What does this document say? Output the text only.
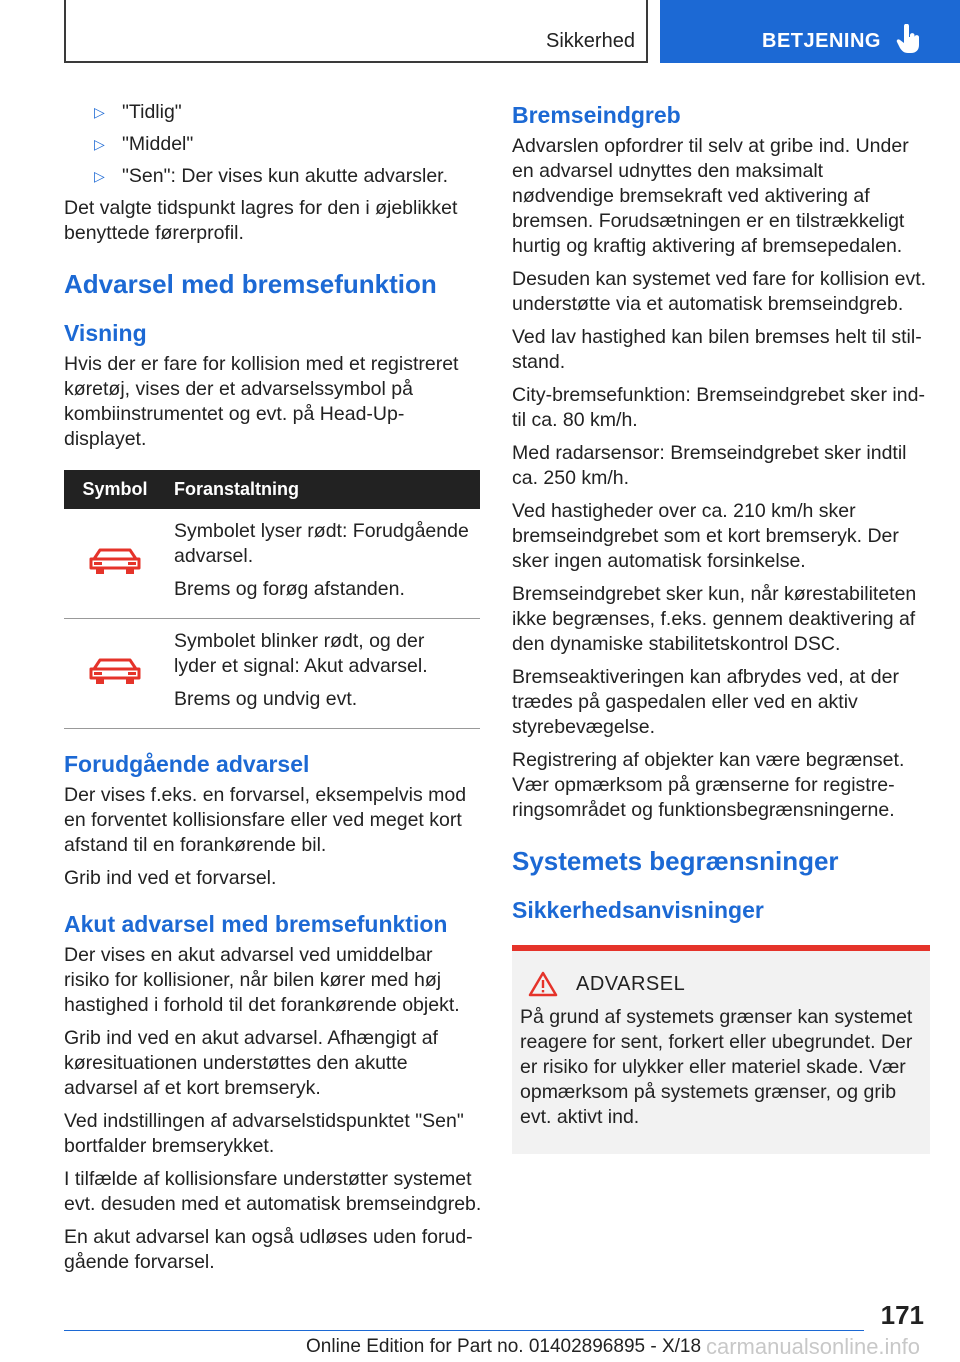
Sikkerhed	BETJENING
▷ "Tidlig"
▷ "Middel"
▷ "Sen": Der vises kun akutte advarsler.

Det valgte tidspunkt lagres for den i øjeblikket benyttede førerprofil.

Advarsel med bremsefunktion
Visning

Hvis der er fare for kollision med et registreret køretøj, vises der et advarselssymbol på kombiinstrumentet og evt. på Head-Up-displayet.

Symbol	Foranstaltning

Symbolet lyser rødt: Forudgående advarsel.

Brems og forøg afstanden.

Symbolet blinker rødt, og der lyder et signal: Akut advarsel.

Brems og undvig evt.

Forudgående advarsel

Der vises f.eks. en forvarsel, eksempelvis mod en forventet kollisionsfare eller ved meget kort afstand til en forankørende bil.

Grib ind ved et forvarsel.

Akut advarsel med bremsefunktion

Der vises en akut advarsel ved umiddelbar risiko for kollisioner, når bilen kører med høj hastighed i forhold til det forankørende objekt.

Grib ind ved en akut advarsel. Afhængigt af køresituationen understøttes den akutte advarsel af et kort bremseryk.

Ved indstillingen af advarselstidspunktet "Sen" bortfalder bremserykket.

I tilfælde af kollisionsfare understøtter systemet evt. desuden med et automatisk bremseindgreb.

En akut advarsel kan også udløses uden forudgående forvarsel.

Bremseindgreb

Advarslen opfordrer til selv at gribe ind. Under en advarsel udnyttes den maksimalt nødvendige bremsekraft ved aktivering af bremsen. Forudsætningen er en tilstrækkeligt hurtig og kraftig aktivering af bremsepedalen.

Desuden kan systemet ved fare for kollision evt. understøtte via et automatisk bremseindgreb.

Ved lav hastighed kan bilen bremses helt til stilstand.

City-bremsefunktion: Bremseindgrebet sker indtil ca. 80 km/h.

Med radarsensor: Bremseindgrebet sker indtil ca. 250 km/h.

Ved hastigheder over ca. 210 km/h sker bremseindgrebet som et kort bremseryk. Der sker ingen automatisk forsinkelse.

Bremseindgrebet sker kun, når kørestabiliteten ikke begrænses, f.eks. gennem deaktivering af den dynamiske stabilitetskontrol DSC.

Bremseaktiveringen kan afbrydes ved, at der trædes på gaspedalen eller ved en aktiv styrebevægelse.

Registrering af objekter kan være begrænset. Vær opmærksom på grænserne for registreringsområdet og funktionsbegrænsningerne.

Systemets begrænsninger
Sikkerhedsanvisninger
ADVARSEL

På grund af systemets grænser kan systemet reagere for sent, forkert eller ubegrundet. Der er risiko for ulykker eller materiel skade. Vær opmærksom på systemets grænser, og grib evt. aktivt ind.

171
Online Edition for Part no. 01402896895 - X/18 carmanualsonline.info
